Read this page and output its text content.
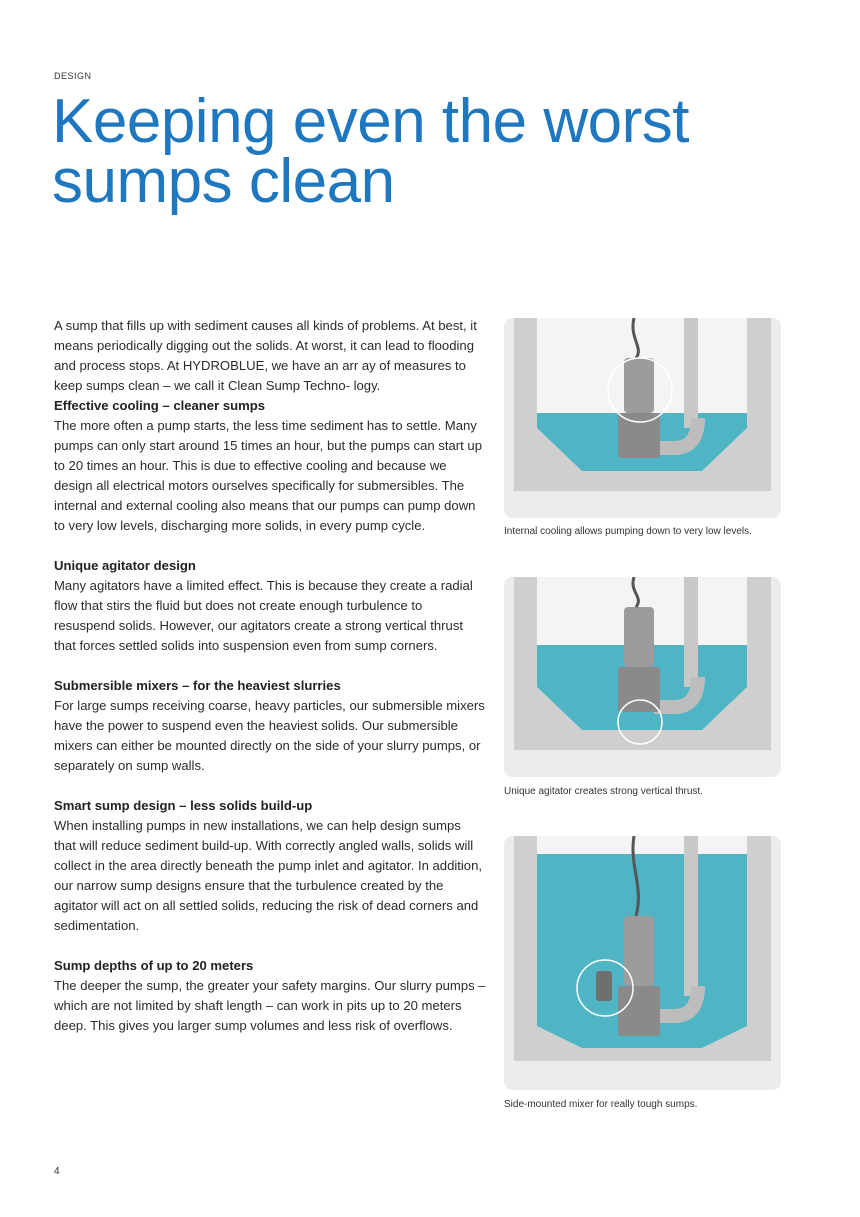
DESIGN
Keeping even the worst
sumps clean

A sump that fills up with sediment causes all kinds of problems. At best, it means periodically digging out the solids. At worst, it can lead to flooding and process stops. At HYDROBLUE, we have an arr ay of measures to keep sumps clean – we call it Clean Sump Techno- logy.

Effective cooling – cleaner sumps

The more often a pump starts, the less time sediment has to settle. Many pumps can only start around 15 times an hour, but the pumps can start up to 20 times an hour. This is due to effective cooling and because we design all electrical motors ourselves specifically for submersibles. The internal and external cooling also means that our pumps can pump down to very low levels, discharging more solids, in every pump cycle.

Unique agitator design

Many agitators have a limited effect. This is because they create a radial flow that stirs the fluid but does not create enough turbulence to resuspend solids. However, our agitators create a strong vertical thrust that forces settled solids into suspension even from sump corners.

Submersible mixers – for the heaviest slurries

For large sumps receiving coarse, heavy particles, our submersible mixers have the power to suspend even the heaviest solids. Our submersible mixers can either be mounted directly on the side of your slurry pumps, or separately on sump walls.

Smart sump design – less solids build-up

When installing pumps in new installations, we can help design sumps that will reduce sediment build-up. With correctly angled walls, solids will collect in the area directly beneath the pump inlet and agitator. In addition, our narrow sump designs ensure that the turbulence created by the agitator will act on all settled solids, reducing the risk of dead corners and sedimentation.

Sump depths of up to 20 meters

The deeper the sump, the greater your safety margins. Our slurry pumps – which are not limited by shaft length – can work in pits up to 20 meters deep. This gives you larger sump volumes and less risk of overflows.

Internal cooling allows pumping down to very low levels.
Unique agitator creates strong vertical thrust.
Side-mounted mixer for really tough sumps.
4
